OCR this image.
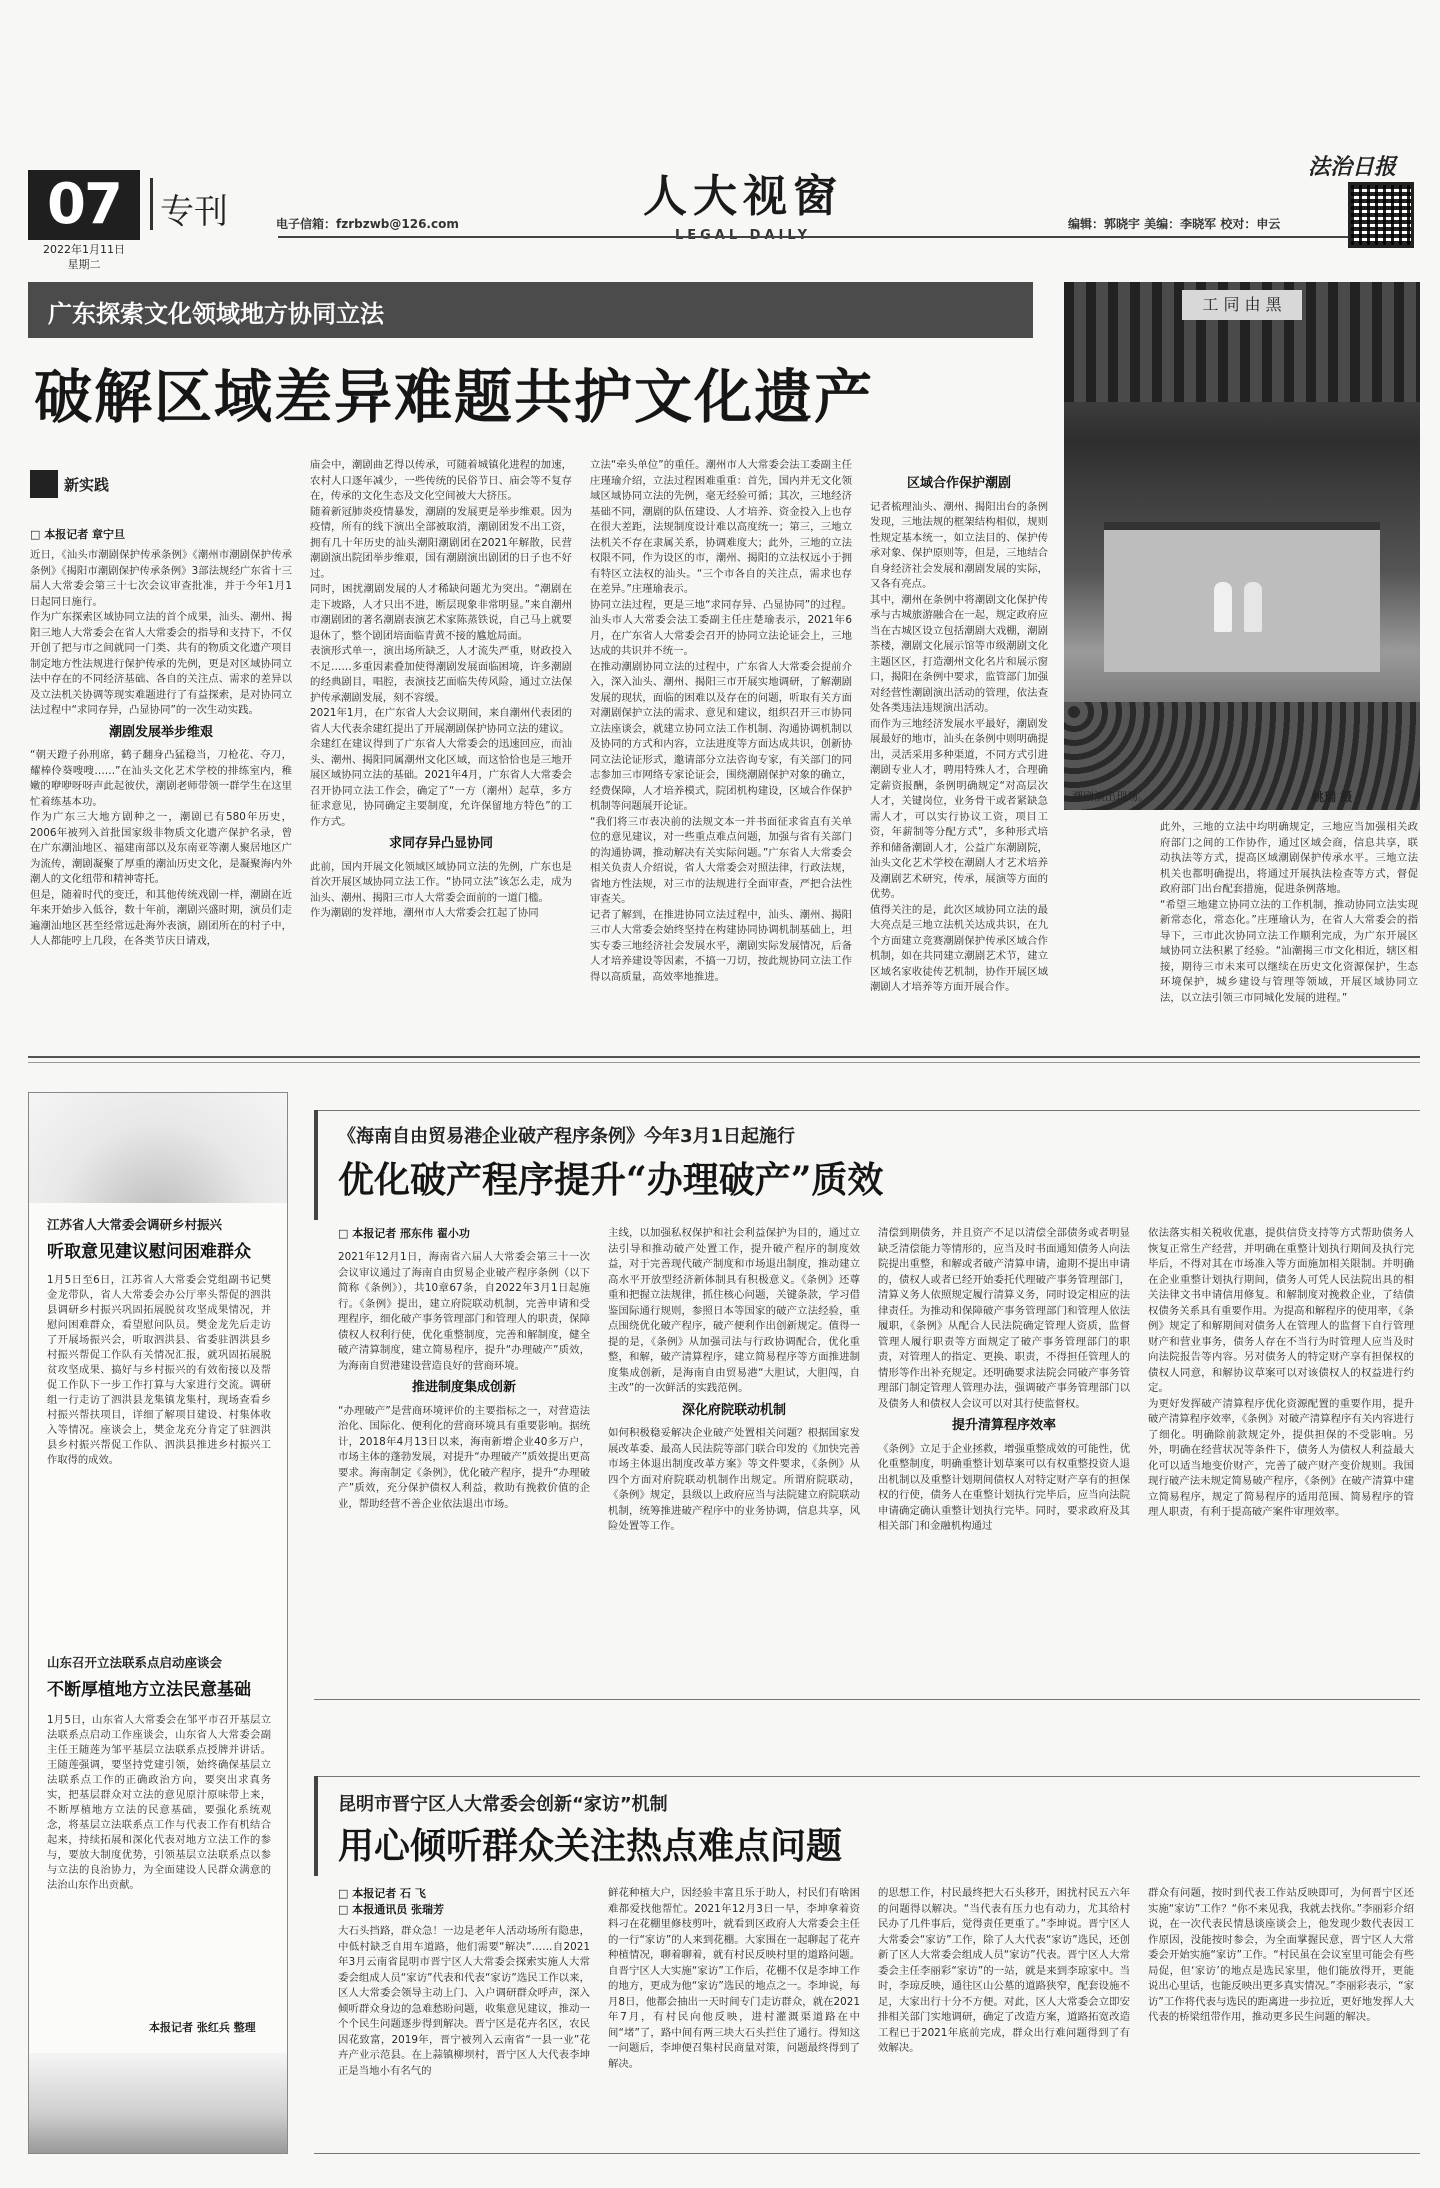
07
2022年1月11日
星期二
专刊	电子信箱：fzrbzwb@126.com
人大视窗
编辑：郭晓宇 美编：李晓军 校对：申云
法治日报
广东探索文化领域地方协同立法
破解区域差异难题共护文化遗产
工 同 由 黑
潮剧演出现场。	姚瑞 摄
新实践
□ 本报记者 章宁旦

近日，《汕头市潮剧保护传承条例》《潮州市潮剧保护传承条例》《揭阳市潮剧保护传承条例》3部法规经广东省十三届人大常委会第三十七次会议审查批准，并于今年1月1日起同日施行。

作为广东探索区域协同立法的首个成果，汕头、潮州、揭阳三地人大常委会在省人大常委会的指导和支持下，不仅开创了把与市之间就同一门类、共有的物质文化遗产项目制定地方性法规进行保护传承的先例，更是对区域协同立法中存在的不同经济基础、各自的关注点、需求的差异以及立法机关协调等现实难题进行了有益探索，是对协同立法过程中“求同存异，凸显协同”的一次生动实践。

潮剧发展举步维艰

“朝天蹬子孙刑席，鹤子翻身凸猛稳当，刀枪花、夺刀，耀棒伶葵嗖嗖……”在汕头文化艺术学校的排练室内，稚嫩的咿咿呀呀声此起彼伏，潮剧老师带领一群学生在这里忙着练基本功。

作为广东三大地方剧种之一，潮剧已有580年历史，2006年被列入首批国家级非物质文化遗产保护名录，曾在广东潮汕地区、福建南部以及东南亚等潮人聚居地区广为流传，潮剧凝聚了厚重的潮汕历史文化，是凝聚海内外潮人的文化纽带和精神寄托。

但是，随着时代的变迁，和其他传统戏剧一样，潮剧在近年来开始步入低谷，数十年前，潮剧兴盛时期，演员们走遍潮汕地区甚至经常远赴海外表演，剧团所在的村子中，人人都能哼上几段，在各类节庆日请戏，

庙会中，潮剧曲艺得以传承，可随着城镇化进程的加速，农村人口逐年减少，一些传统的民俗节日、庙会等不复存在，传承的文化生态及文化空间被大大挤压。

随着新冠肺炎疫情暴发，潮剧的发展更是举步维艰。因为疫情，所有的线下演出全部被取消，潮剧团发不出工资，拥有几十年历史的汕头潮阳潮剧团在2021年解散，民营潮剧演出院团举步维艰，国有潮剧演出剧团的日子也不好过。

同时，困扰潮剧发展的人才稀缺问题尤为突出。“潮剧在走下坡路，人才只出不进，断层现象非常明显。”来自潮州市潮剧团的著名潮剧表演艺术家陈蒸铁说，自己马上就要退休了，整个剧团培面临青黄不接的尴尬局面。

表演形式单一，演出场所缺乏，人才流失严重，财政投入不足……多重因素叠加使得潮剧发展面临困境，许多潮剧的经典剧目，唱腔，表演技艺面临失传风险，通过立法保护传承潮剧发展，刻不容缓。

2021年1月，在广东省人大会议期间，来自潮州代表团的省人大代表余建红提出了开展潮剧保护协同立法的建议。

余建红在建议得到了广东省人大常委会的迅速回应，而汕头、潮州、揭阳同属潮州文化区域，而这恰恰也是三地开展区域协同立法的基础。2021年4月，广东省人大常委会召开协同立法工作会，确定了“一方（潮州）起草，多方征求意见，协同确定主要制度，允许保留地方特色”的工作方式。

求同存异凸显协同

此前，国内开展文化领域区域协同立法的先例，广东也是首次开展区域协同立法工作。“协同立法”该怎么走，成为汕头、潮州、揭阳三市人大常委会面前的一道门槛。

作为潮剧的发祥地，潮州市人大常委会扛起了协同

立法“牵头单位”的重任。潮州市人大常委会法工委副主任庄瑾瑜介绍，立法过程困难重重：首先，国内并无文化领域区域协同立法的先例，毫无经验可循；其次，三地经济基础不同，潮剧的队伍建设、人才培养、资金投入上也存在很大差距，法规制度设计难以高度统一；第三，三地立法机关不存在隶属关系，协调难度大；此外，三地的立法权限不同，作为设区的市，潮州、揭阳的立法权远小于拥有特区立法权的汕头。“三个市各自的关注点，需求也存在差异。”庄瑾瑜表示。

协同立法过程，更是三地“求同存异、凸显协同”的过程。汕头市人大常委会法工委副主任庄楚瑜表示，2021年6月，在广东省人大常委会召开的协同立法论证会上，三地达成的共识并不统一。

在推动潮剧协同立法的过程中，广东省人大常委会提前介入，深入汕头、潮州、揭阳三市开展实地调研，了解潮剧发展的现状，面临的困难以及存在的问题，听取有关方面对潮剧保护立法的需求、意见和建议，组织召开三市协同立法座谈会，就建立协同立法工作机制、沟通协调机制以及协同的方式和内容，立法进度等方面达成共识，创新协同立法论证形式，邀请部分立法咨询专家，有关部门的同志参加三市网络专家论证会，围绕潮剧保护对象的确立，经费保障，人才培养模式，院团机构建设，区域合作保护机制等问题展开论证。

“我们将三市表决前的法规文本一并书面征求省直有关单位的意见建议，对一些重点难点问题，加强与省有关部门的沟通协调，推动解决有关实际问题。”广东省人大常委会相关负责人介绍说，省人大常委会对照法律，行政法规，省地方性法规，对三市的法规进行全面审查，严把合法性审查关。

记者了解到，在推进协同立法过程中，汕头、潮州、揭阳三市人大常委会始终坚持在构建协同协调机制基础上，坦实专委三地经济社会发展水平，潮剧实际发展情况，后备人才培养建设等因素，不搞一刀切，按此规协同立法工作得以高质量，高效率地推进。

区域合作保护潮剧

记者梳理汕头、潮州、揭阳出台的条例发现，三地法规的框架结构相似，规则性规定基本统一，如立法目的、保护传承对象、保护原则等，但是，三地结合自身经济社会发展和潮剧发展的实际，又各有亮点。

其中，潮州在条例中将潮剧文化保护传承与古城旅游融合在一起，规定政府应当在古城区设立包括潮剧大戏棚，潮剧茶楼，潮剧文化展示馆等市级潮剧文化主题区区，打造潮州文化名片和展示窗口，揭阳在条例中要求，监管部门加强对经营性潮剧演出活动的管理，依法查处各类违法违规演出活动。

而作为三地经济发展水平最好，潮剧发展最好的地市，汕头在条例中则明确提出，灵活采用多种渠道，不同方式引进潮剧专业人才，聘用特殊人才，合理确定薪资报酬，条例明确规定“对高层次人才，关键岗位，业务骨干或者紧缺急需人才，可以实行协议工资，项目工资，年薪制等分配方式”，多种形式培养和储备潮剧人才，公益广东潮剧院，汕头文化艺术学校在潮剧人才艺术培养及潮剧艺术研究，传承，展演等方面的优势。

值得关注的是，此次区域协同立法的最大亮点是三地立法机关达成共识，在九个方面建立竞赛潮剧保护传承区域合作机制，如在共同建立潮剧艺术节，建立区域名家收徒传艺机制，协作开展区域潮剧人才培养等方面开展合作。

此外，三地的立法中均明确规定，三地应当加强相关政府部门之间的工作协作，通过区域会商，信息共享，联动执法等方式，提高区域潮剧保护传承水平。三地立法机关也都明确提出，将通过开展执法检查等方式，督促政府部门出台配套措施，促进条例落地。

“希望三地建立协同立法的工作机制，推动协同立法实现新常态化，常态化。”庄瑾瑜认为，在省人大常委会的指导下，三市此次协同立法工作顺利完成，为广东开展区域协同立法积累了经验。“汕潮揭三市文化相近，辖区相接，期待三市未来可以继续在历史文化资源保护，生态环境保护，城乡建设与管理等领域，开展区域协同立法，以立法引领三市同城化发展的进程。”

江苏省人大常委会调研乡村振兴
听取意见建议慰问困难群众
1月5日至6日，江苏省人大常委会党组副书记樊金龙带队，省人大常委会办公厅率头帮促的泗洪县调研乡村振兴巩固拓展脱贫攻坚成果情况，并慰问困难群众，看望慰问队员。樊金龙先后走访了开展场振兴会，听取泗洪县、省委驻泗洪县乡村振兴帮促工作队有关情况汇报，就巩固拓展脱贫攻坚成果、搞好与乡村振兴的有效衔接以及帮促工作队下一步工作打算与大家进行交流。调研组一行走访了泗洪县龙集镇龙集村，现场查看乡村振兴帮扶项目，详细了解项目建设、村集体收入等情况。座谈会上，樊金龙充分肯定了驻泗洪县乡村振兴帮促工作队、泗洪县推进乡村振兴工作取得的成效。
山东召开立法联系点启动座谈会
不断厚植地方立法民意基础
1月5日，山东省人大常委会在邹平市召开基层立法联系点启动工作座谈会，山东省人大常委会副主任王随莲为邹平基层立法联系点授牌并讲话。王随莲强调，要坚持党建引领，始终确保基层立法联系点工作的正确政治方向，要突出求真务实，把基层群众对立法的意见原汁原味带上来，不断厚植地方立法的民意基础，要强化系统观念，将基层立法联系点工作与代表工作有机结合起来，持续拓展和深化代表对地方立法工作的参与，要放大制度优势，引领基层立法联系点以参与立法的良治协力，为全面建设人民群众满意的法治山东作出贡献。
本报记者 张红兵 整理
《海南自由贸易港企业破产程序条例》今年3月1日起施行
优化破产程序提升“办理破产”质效
□ 本报记者 邢东伟 翟小功

2021年12月1日，海南省六届人大常委会第三十一次会议审议通过了海南自由贸易企业破产程序条例（以下简称《条例》），共10章67条，自2022年3月1日起施行。《条例》提出，建立府院联动机制，完善申请和受理程序，细化破产事务管理部门和管理人的职责，保障债权人权利行使，优化重整制度，完善和解制度，健全破产清算制度，建立简易程序，提升“办理破产”质效，为海南自贸港建设营造良好的营商环境。

推进制度集成创新

“办理破产”是营商环境评价的主要指标之一，对营造法治化、国际化、便利化的营商环境具有重要影响。据统计，2018年4月13日以来，海南新增企业40多万户，市场主体的蓬勃发展，对提升“办理破产”质效提出更高要求。海南制定《条例》，优化破产程序，提升“办理破产”质效，充分保护债权人利益，救助有挽救价值的企业，帮助经营不善企业依法退出市场。

主线，以加强私权保护和社会利益保护为目的，通过立法引导和推动破产处置工作，提升破产程序的制度效益，对于完善现代破产制度和市场退出制度，推动建立高水平开放型经济新体制具有积极意义。《条例》还尊重和把握立法规律，抓住核心问题，关键条款，学习借鉴国际通行规则，参照日本等国家的破产立法经验，重点围绕优化破产程序，破产便利作出创新规定。值得一提的是，《条例》从加强司法与行政协调配合，优化重整，和解，破产清算程序，建立简易程序等方面推进制度集成创新，是海南自由贸易港“大胆试，大胆闯，自主改”的一次鲜活的实践范例。

深化府院联动机制

如何积极稳妥解决企业破产处置相关问题？根据国家发展改革委、最高人民法院等部门联合印发的《加快完善市场主体退出制度改革方案》等文件要求，《条例》从四个方面对府院联动机制作出规定。所谓府院联动，《条例》规定，县级以上政府应当与法院建立府院联动机制，统筹推进破产程序中的业务协调，信息共享，风险处置等工作。

清偿到期债务，并且资产不足以清偿全部债务或者明显缺乏清偿能力等情形的，应当及时书面通知债务人向法院提出重整，和解或者破产清算申请，逾期不提出申请的，债权人或者已经开始委托代理破产事务管理部门，清算义务人依照规定履行清算义务，同时设定相应的法律责任。为推动和保障破产事务管理部门和管理人依法履职，《条例》从配合人民法院确定管理人资质，监督管理人履行职责等方面规定了破产事务管理部门的职责，对管理人的指定、更换、职责，不得担任管理人的情形等作出补充规定。还明确要求法院会同破产事务管理部门制定管理人管理办法，强调破产事务管理部门以及债务人和债权人会议可以对其行使监督权。

提升清算程序效率

《条例》立足于企业拯救，增强重整成效的可能性，优化重整制度，明确重整计划草案可以有权重整投资人退出机制以及重整计划期间债权人对特定财产享有的担保权的行使，债务人在重整计划执行完毕后，应当向法院申请确定确认重整计划执行完毕。同时，要求政府及其相关部门和金融机构通过

依法落实相关税收优惠，提供信贷支持等方式帮助债务人恢复正常生产经营，并明确在重整计划执行期间及执行完毕后，不得对其在市场准入等方面施加相关限制。并明确在企业重整计划执行期间，债务人可凭人民法院出具的相关法律文书申请信用修复。和解制度对挽救企业，了结债权债务关系具有重要作用。为提高和解程序的使用率，《条例》规定了和解期间对债务人在管理人的监督下自行管理财产和营业事务，债务人存在不当行为时管理人应当及时向法院报告等内容。另对债务人的特定财产享有担保权的债权人同意，和解协议草案可以对该债权人的权益进行约定。

为更好发挥破产清算程序优化资源配置的重要作用，提升破产清算程序效率，《条例》对破产清算程序有关内容进行了细化。明确除前款规定外，提供担保的不受影响。另外，明确在经营状况等条件下，债务人为债权人利益最大化可以适当地变价财产，完善了破产财产变价规则。我国现行破产法未规定简易破产程序，《条例》在破产清算中建立简易程序，规定了简易程序的适用范围、简易程序的管理人职责，有利于提高破产案件审理效率。

昆明市晋宁区人大常委会创新“家访”机制
用心倾听群众关注热点难点问题
□ 本报记者 石 飞
□ 本报通讯员 张瑞芳

大石头挡路，群众急！一边是老年人活动场所有隐患，中低村缺乏自用车道路，他们需要“解决”……自2021年3月云南省昆明市晋宁区人大常委会探索实施人大常委会组成人员“家访”代表和代表“家访”选民工作以来，区人大常委会领导主动上门、入户调研群众呼声，深入倾听群众身边的急难愁盼问题，收集意见建议，推动一个个民生问题逐步得到解决。晋宁区是花卉名区，农民因花致富，2019年，晋宁被列入云南省“一县一业”花卉产业示范县。在上蒜镇柳坝村，晋宁区人大代表李坤正是当地小有名气的

鲜花种植大户，因经验丰富且乐于助人，村民们有啥困难都爱找他帮忙。2021年12月3日一早，李坤拿着资料刁在花棚里修枝剪叶，就看到区政府人大常委会主任的一行“家访”的人来到花棚。大家围在一起聊起了花卉种植情况，聊着聊着，就有村民反映村里的道路问题。自晋宁区人大实施“家访”工作后，花棚不仅是李坤工作的地方，更成为他“家访”选民的地点之一。李坤说，每月8日，他都会抽出一天时间专门走访群众，就在2021年7月，有村民向他反映，进村灌溉渠道路在中间“堵”了，路中间有两三块大石头拦住了通行。得知这一问题后，李坤便召集村民商量对策，问题最终得到了解决。

的思想工作，村民最终把大石头移开，困扰村民五六年的问题得以解决。“当代表有压力也有动力，尤其给村民办了几件事后，觉得责任更重了。”李坤说。晋宁区人大常委会“家访”工作，除了人大代表“家访”选民，还创新了区人大常委会组成人员“家访”代表。晋宁区人大常委会主任李丽彩“家访”的一站，就是来到李琼家中。当时，李琼反映，通往区山公墓的道路狭窄，配套设施不足，大家出行十分不方便。对此，区人大常委会立即安排相关部门实地调研，确定了改造方案，道路拓宽改造工程已于2021年底前完成，群众出行难问题得到了有效解决。

群众有问题，按时到代表工作站反映即可，为何晋宁区还实施“家访”工作？“你不来见我，我就去找你。”李丽彩介绍说，在一次代表民情恳谈座谈会上，他发现少数代表因工作原因，没能按时参会，为全面掌握民意，晋宁区人大常委会开始实施“家访”工作。“村民虽在会议室里可能会有些局促，但‘家访’的地点是选民家里，他们能放得开，更能说出心里话，也能反映出更多真实情况。”李丽彩表示，“家访”工作将代表与选民的距离进一步拉近，更好地发挥人大代表的桥梁纽带作用，推动更多民生问题的解决。
